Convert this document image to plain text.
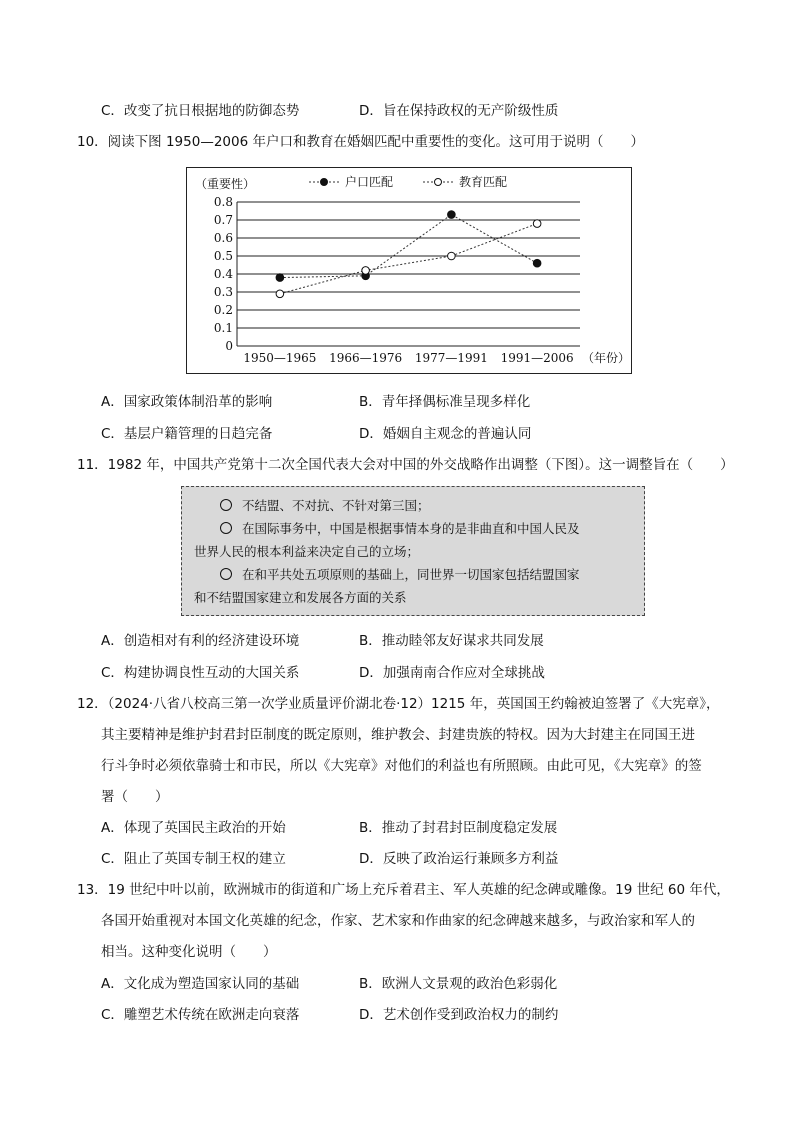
C．改变了抗日根据地的防御态势	D．旨在保持政权的无产阶级性质
10．阅读下图 1950—2006 年户口和教育在婚姻匹配中重要性的变化。这可用于说明（　　）
0
0.1
0.2
0.3
0.4
0.5
0.6
0.7
0.8
（重要性）
1950—1965 1966—1976 1977—1991 1991—2006 （年份）
户口匹配	教育匹配
A．国家政策体制沿革的影响	B．青年择偶标准呈现多样化
C．基层户籍管理的日趋完备	D．婚姻自主观念的普遍认同
11．1982 年，中国共产党第十二次全国代表大会对中国的外交战略作出调整（下图）。这一调整旨在（　　）
不结盟、不对抗、不针对第三国；
在国际事务中，中国是根据事情本身的是非曲直和中国人民及
世界人民的根本利益来决定自己的立场；
在和平共处五项原则的基础上，同世界一切国家包括结盟国家
和不结盟国家建立和发展各方面的关系
A．创造相对有利的经济建设环境	B．推动睦邻友好谋求共同发展
C．构建协调良性互动的大国关系	D．加强南南合作应对全球挑战
12．（2024·八省八校高三第一次学业质量评价湖北卷·12）1215 年，英国国王约翰被迫签署了《大宪章》，
其主要精神是维护封君封臣制度的既定原则，维护教会、封建贵族的特权。因为大封建主在同国王进
行斗争时必须依靠骑士和市民，所以《大宪章》对他们的利益也有所照顾。由此可见，《大宪章》的签
署（　　）
A．体现了英国民主政治的开始	B．推动了封君封臣制度稳定发展
C．阻止了英国专制王权的建立	D．反映了政治运行兼顾多方利益
13．19 世纪中叶以前，欧洲城市的街道和广场上充斥着君主、军人英雄的纪念碑或雕像。19 世纪 60 年代，
各国开始重视对本国文化英雄的纪念，作家、艺术家和作曲家的纪念碑越来越多，与政治家和军人的
相当。这种变化说明（　　）
A．文化成为塑造国家认同的基础	B．欧洲人文景观的政治色彩弱化
C．雕塑艺术传统在欧洲走向衰落	D．艺术创作受到政治权力的制约
